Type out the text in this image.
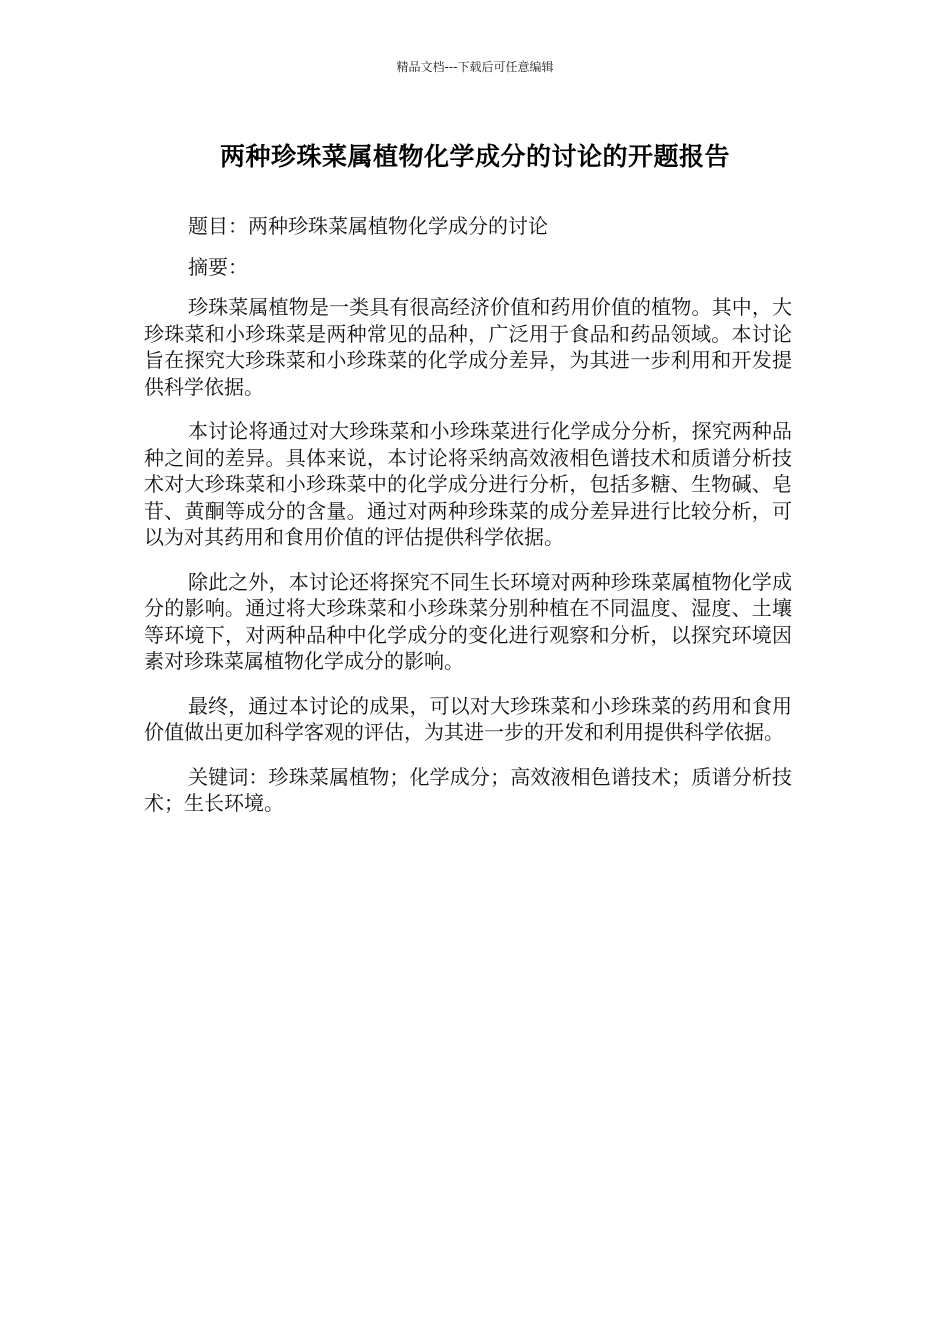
精品文档---下载后可任意编辑
两种珍珠菜属植物化学成分的讨论的开题报告
题目：两种珍珠菜属植物化学成分的讨论
摘要：

珍珠菜属植物是一类具有很高经济价值和药用价值的植物。其中，大珍珠菜和小珍珠菜是两种常见的品种，广泛用于食品和药品领域。本讨论旨在探究大珍珠菜和小珍珠菜的化学成分差异，为其进一步利用和开发提供科学依据。

本讨论将通过对大珍珠菜和小珍珠菜进行化学成分分析，探究两种品种之间的差异。具体来说，本讨论将采纳高效液相色谱技术和质谱分析技术对大珍珠菜和小珍珠菜中的化学成分进行分析，包括多糖、生物碱、皂苷、黄酮等成分的含量。通过对两种珍珠菜的成分差异进行比较分析，可以为对其药用和食用价值的评估提供科学依据。

除此之外，本讨论还将探究不同生长环境对两种珍珠菜属植物化学成分的影响。通过将大珍珠菜和小珍珠菜分别种植在不同温度、湿度、土壤等环境下，对两种品种中化学成分的变化进行观察和分析，以探究环境因素对珍珠菜属植物化学成分的影响。

最终，通过本讨论的成果，可以对大珍珠菜和小珍珠菜的药用和食用价值做出更加科学客观的评估，为其进一步的开发和利用提供科学依据。

关键词：珍珠菜属植物；化学成分；高效液相色谱技术；质谱分析技术；生长环境。
